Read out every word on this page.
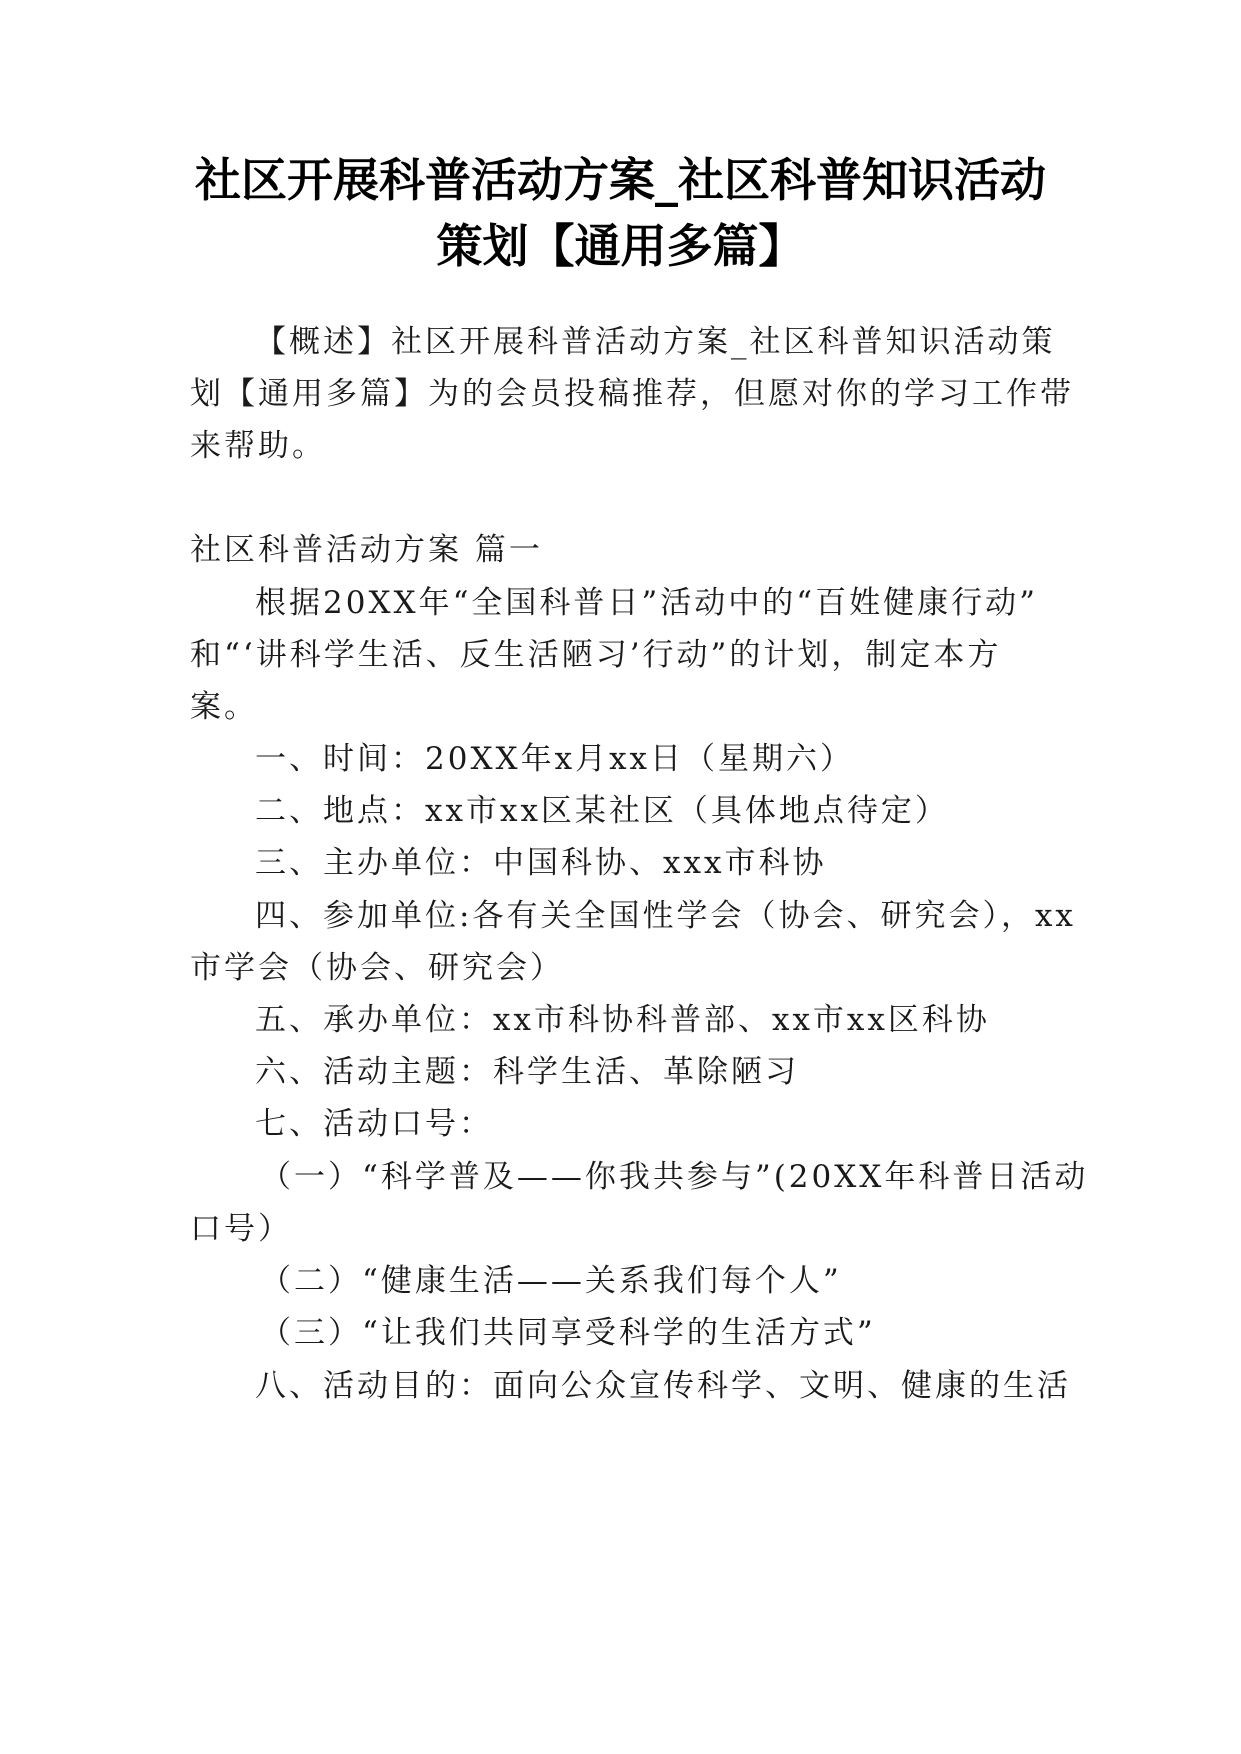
社区开展科普活动方案_社区科普知识活动
策划【通用多篇】
【概述】社区开展科普活动方案_社区科普知识活动策
划【通用多篇】为的会员投稿推荐，但愿对你的学习工作带
来帮助。
社区科普活动方案 篇一
根据20XX年“全国科普日”活动中的“百姓健康行动”
和“‘讲科学生活、反生活陋习’行动”的计划，制定本方
案。
一、时间：20XX年x月xx日（星期六）
二、地点：xx市xx区某社区（具体地点待定）
三、主办单位：中国科协、xxx市科协
四、参加单位:各有关全国性学会（协会、研究会），xx
市学会（协会、研究会）
五、承办单位：xx市科协科普部、xx市xx区科协
六、活动主题：科学生活、革除陋习
七、活动口号：
（一）“科学普及——你我共参与”(20XX年科普日活动
口号）
（二）“健康生活——关系我们每个人”
（三）“让我们共同享受科学的生活方式”
八、活动目的：面向公众宣传科学、文明、健康的生活
